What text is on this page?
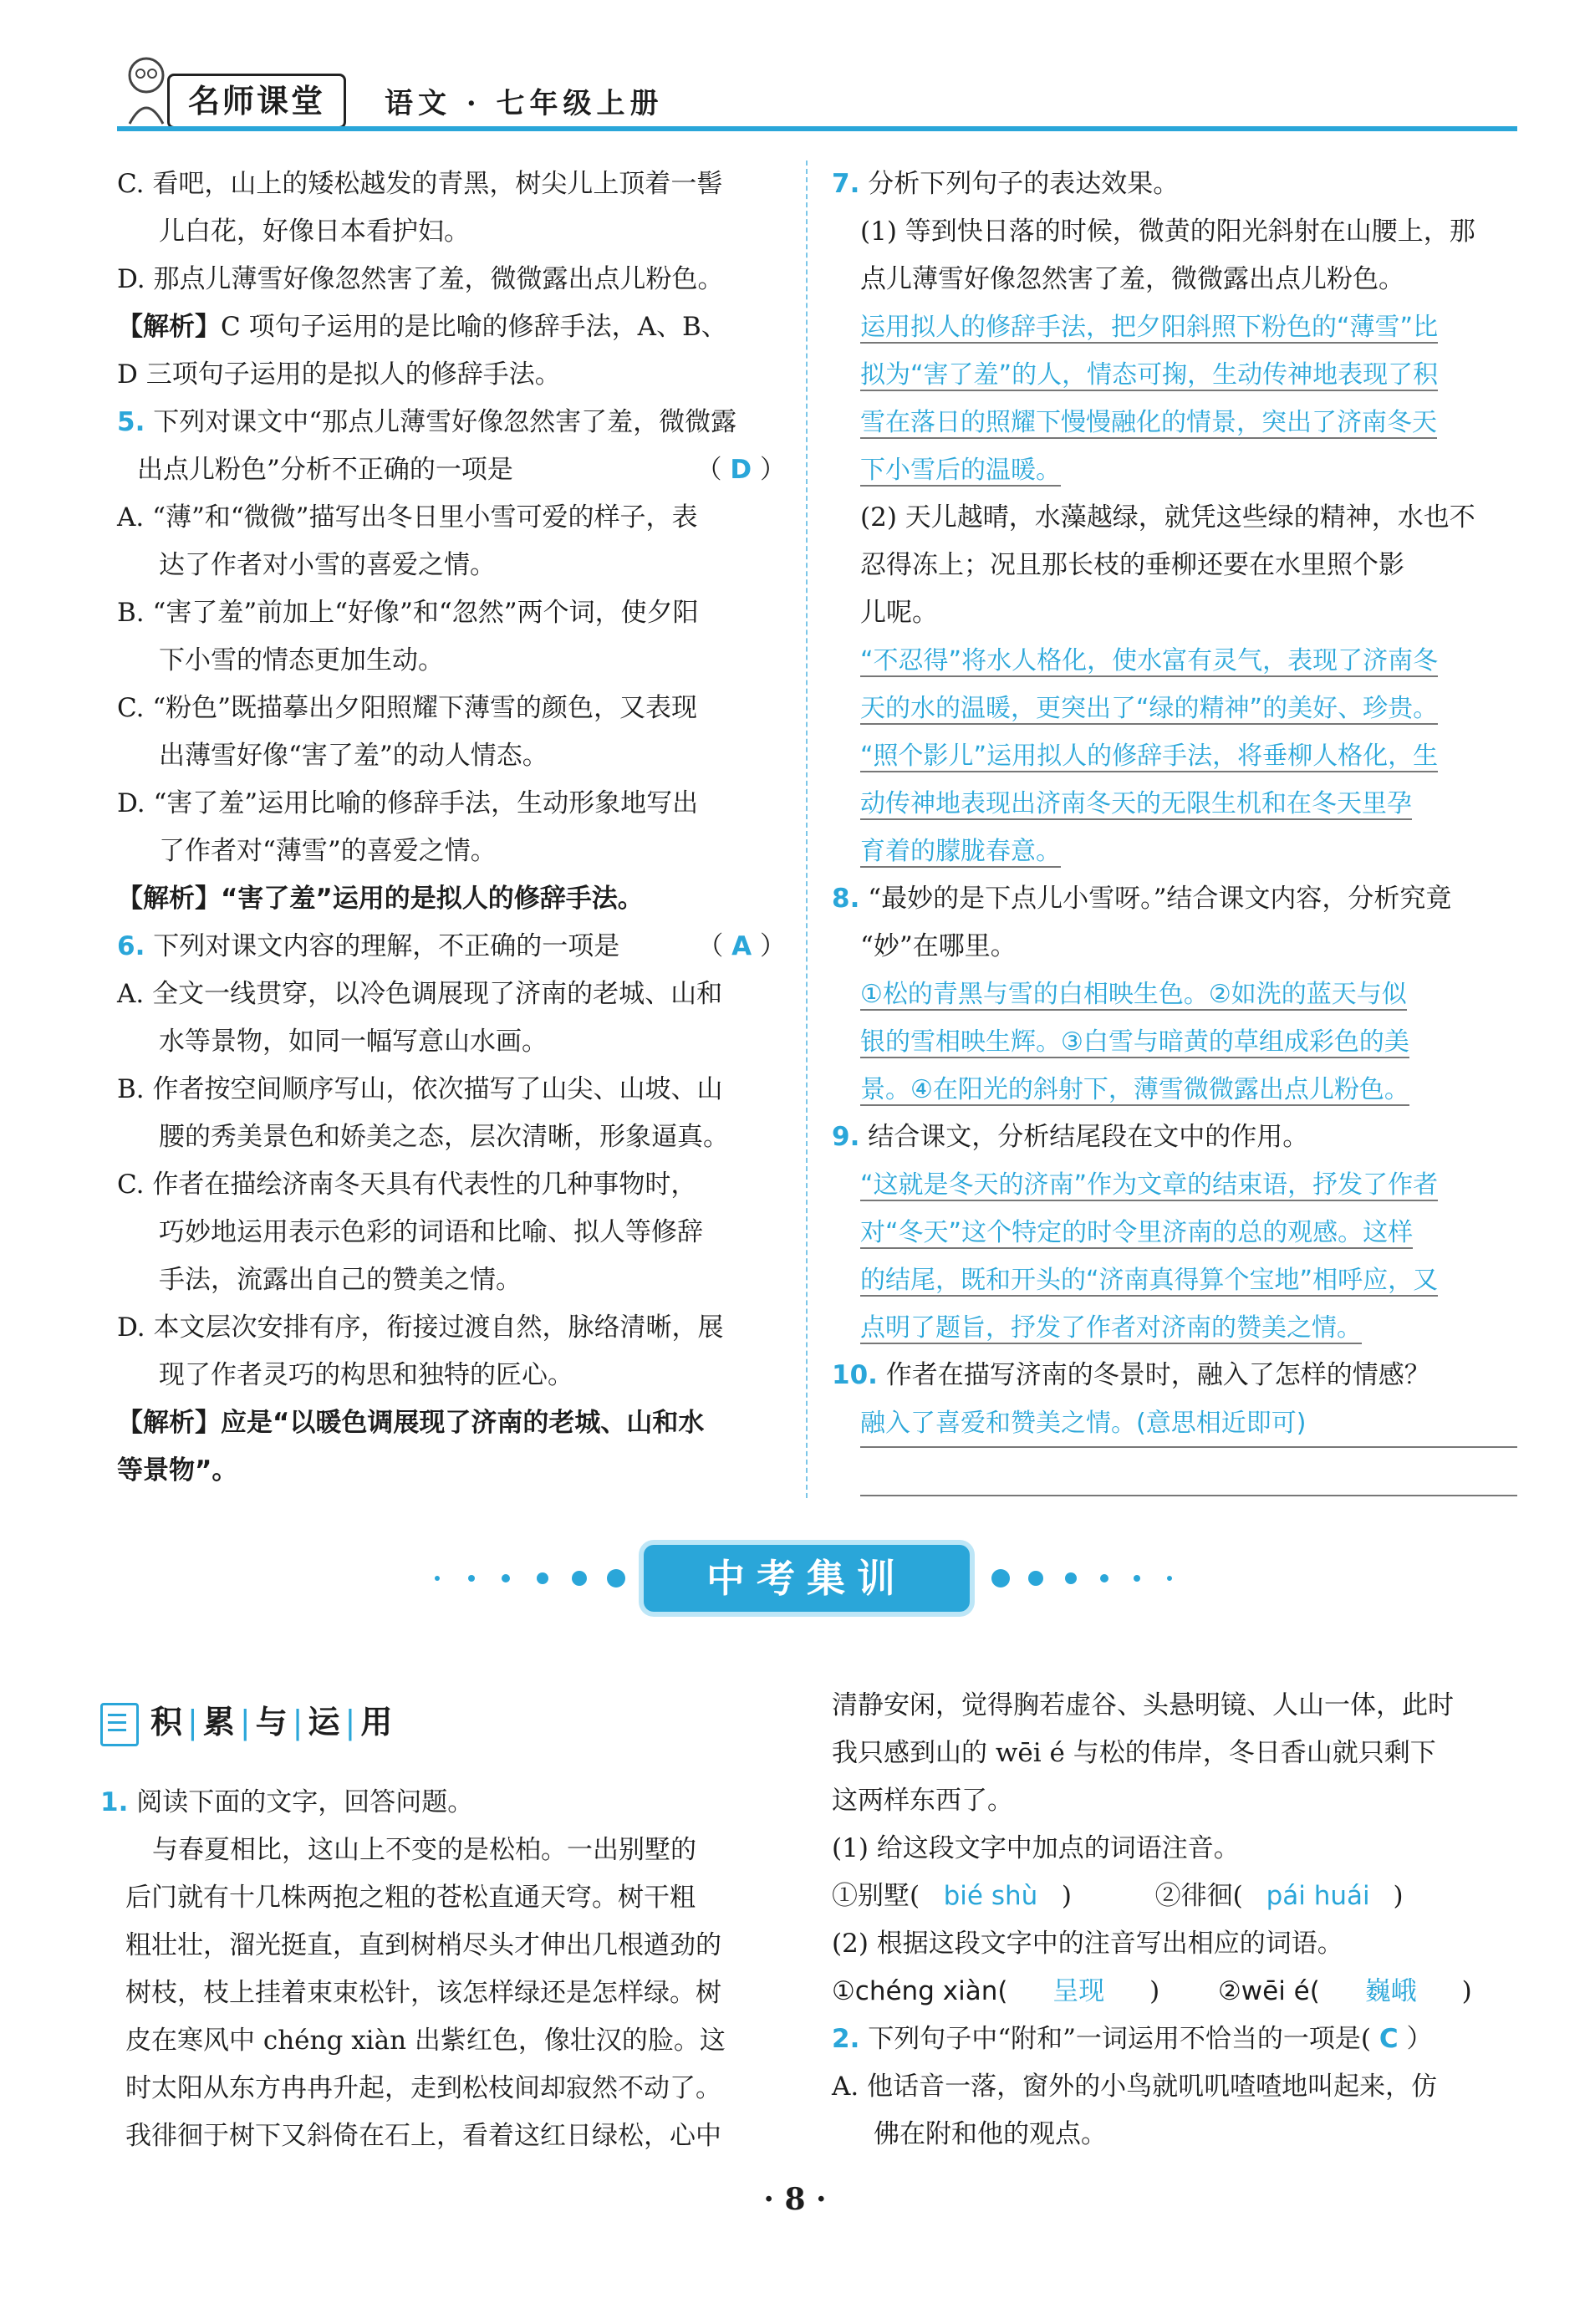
名师课堂	语文 · 七年级上册

C. 看吧，山上的矮松越发的青黑，树尖儿上顶着一髻

儿白花，好像日本看护妇。

D. 那点儿薄雪好像忽然害了羞，微微露出点儿粉色。

【解析】C 项句子运用的是比喻的修辞手法，A、B、

D 三项句子运用的是拟人的修辞手法。

5. 下列对课文中“那点儿薄雪好像忽然害了羞，微微露

出点儿粉色”分析不正确的一项是	（ D ）

A. “薄”和“微微”描写出冬日里小雪可爱的样子，表

达了作者对小雪的喜爱之情。

B. “害了羞”前加上“好像”和“忽然”两个词，使夕阳

下小雪的情态更加生动。

C. “粉色”既描摹出夕阳照耀下薄雪的颜色，又表现

出薄雪好像“害了羞”的动人情态。

D. “害了羞”运用比喻的修辞手法，生动形象地写出

了作者对“薄雪”的喜爱之情。

【解析】“害了羞”运用的是拟人的修辞手法。

6. 下列对课文内容的理解，不正确的一项是	（ A ）

A. 全文一线贯穿，以冷色调展现了济南的老城、山和

水等景物，如同一幅写意山水画。

B. 作者按空间顺序写山，依次描写了山尖、山坡、山

腰的秀美景色和娇美之态，层次清晰，形象逼真。

C. 作者在描绘济南冬天具有代表性的几种事物时，

巧妙地运用表示色彩的词语和比喻、拟人等修辞

手法，流露出自己的赞美之情。

D. 本文层次安排有序，衔接过渡自然，脉络清晰，展

现了作者灵巧的构思和独特的匠心。

【解析】应是“以暖色调展现了济南的老城、山和水

等景物”。

7. 分析下列句子的表达效果。

(1) 等到快日落的时候，微黄的阳光斜射在山腰上，那

点儿薄雪好像忽然害了羞，微微露出点儿粉色。

运用拟人的修辞手法，把夕阳斜照下粉色的“薄雪”比

拟为“害了羞”的人，情态可掬，生动传神地表现了积

雪在落日的照耀下慢慢融化的情景，突出了济南冬天

下小雪后的温暖。

(2) 天儿越晴，水藻越绿，就凭这些绿的精神，水也不

忍得冻上；况且那长枝的垂柳还要在水里照个影

儿呢。

“不忍得”将水人格化，使水富有灵气，表现了济南冬

天的水的温暖，更突出了“绿的精神”的美好、珍贵。

“照个影儿”运用拟人的修辞手法，将垂柳人格化，生

动传神地表现出济南冬天的无限生机和在冬天里孕

育着的朦胧春意。

8. “最妙的是下点儿小雪呀。”结合课文内容，分析究竟

“妙”在哪里。

①松的青黑与雪的白相映生色。②如洗的蓝天与似

银的雪相映生辉。③白雪与暗黄的草组成彩色的美

景。④在阳光的斜射下，薄雪微微露出点儿粉色。

9. 结合课文，分析结尾段在文中的作用。

“这就是冬天的济南”作为文章的结束语，抒发了作者

对“冬天”这个特定的时令里济南的总的观感。这样

的结尾，既和开头的“济南真得算个宝地”相呼应，又

点明了题旨，抒发了作者对济南的赞美之情。

10. 作者在描写济南的冬景时，融入了怎样的情感？

融入了喜爱和赞美之情。(意思相近即可)
中考集训
积 | 累 | 与 | 运 | 用

1. 阅读下面的文字，回答问题。

与春夏相比，这山上不变的是松柏。一出别墅的

后门就有十几株两抱之粗的苍松直通天穹。树干粗

粗壮壮，溜光挺直，直到树梢尽头才伸出几根遒劲的

树枝，枝上挂着束束松针，该怎样绿还是怎样绿。树

皮在寒风中 chéng xiàn 出紫红色，像壮汉的脸。这

时太阳从东方冉冉升起，走到松枝间却寂然不动了。

我徘徊于树下又斜倚在石上，看着这红日绿松，心中

清静安闲，觉得胸若虚谷、头悬明镜、人山一体，此时

我只感到山的 wēi é 与松的伟岸，冬日香山就只剩下

这两样东西了。

(1) 给这段文字中加点的词语注音。

①别墅( bié shù )	②徘徊( pái huái )

(2) 根据这段文字中的注音写出相应的词语。

①chéng xiàn( 呈现 ) ②wēi é( 巍峨 )

2. 下列句子中“附和”一词运用不恰当的一项是( C ）

A. 他话音一落，窗外的小鸟就叽叽喳喳地叫起来，仿

佛在附和他的观点。

· 8 ·
